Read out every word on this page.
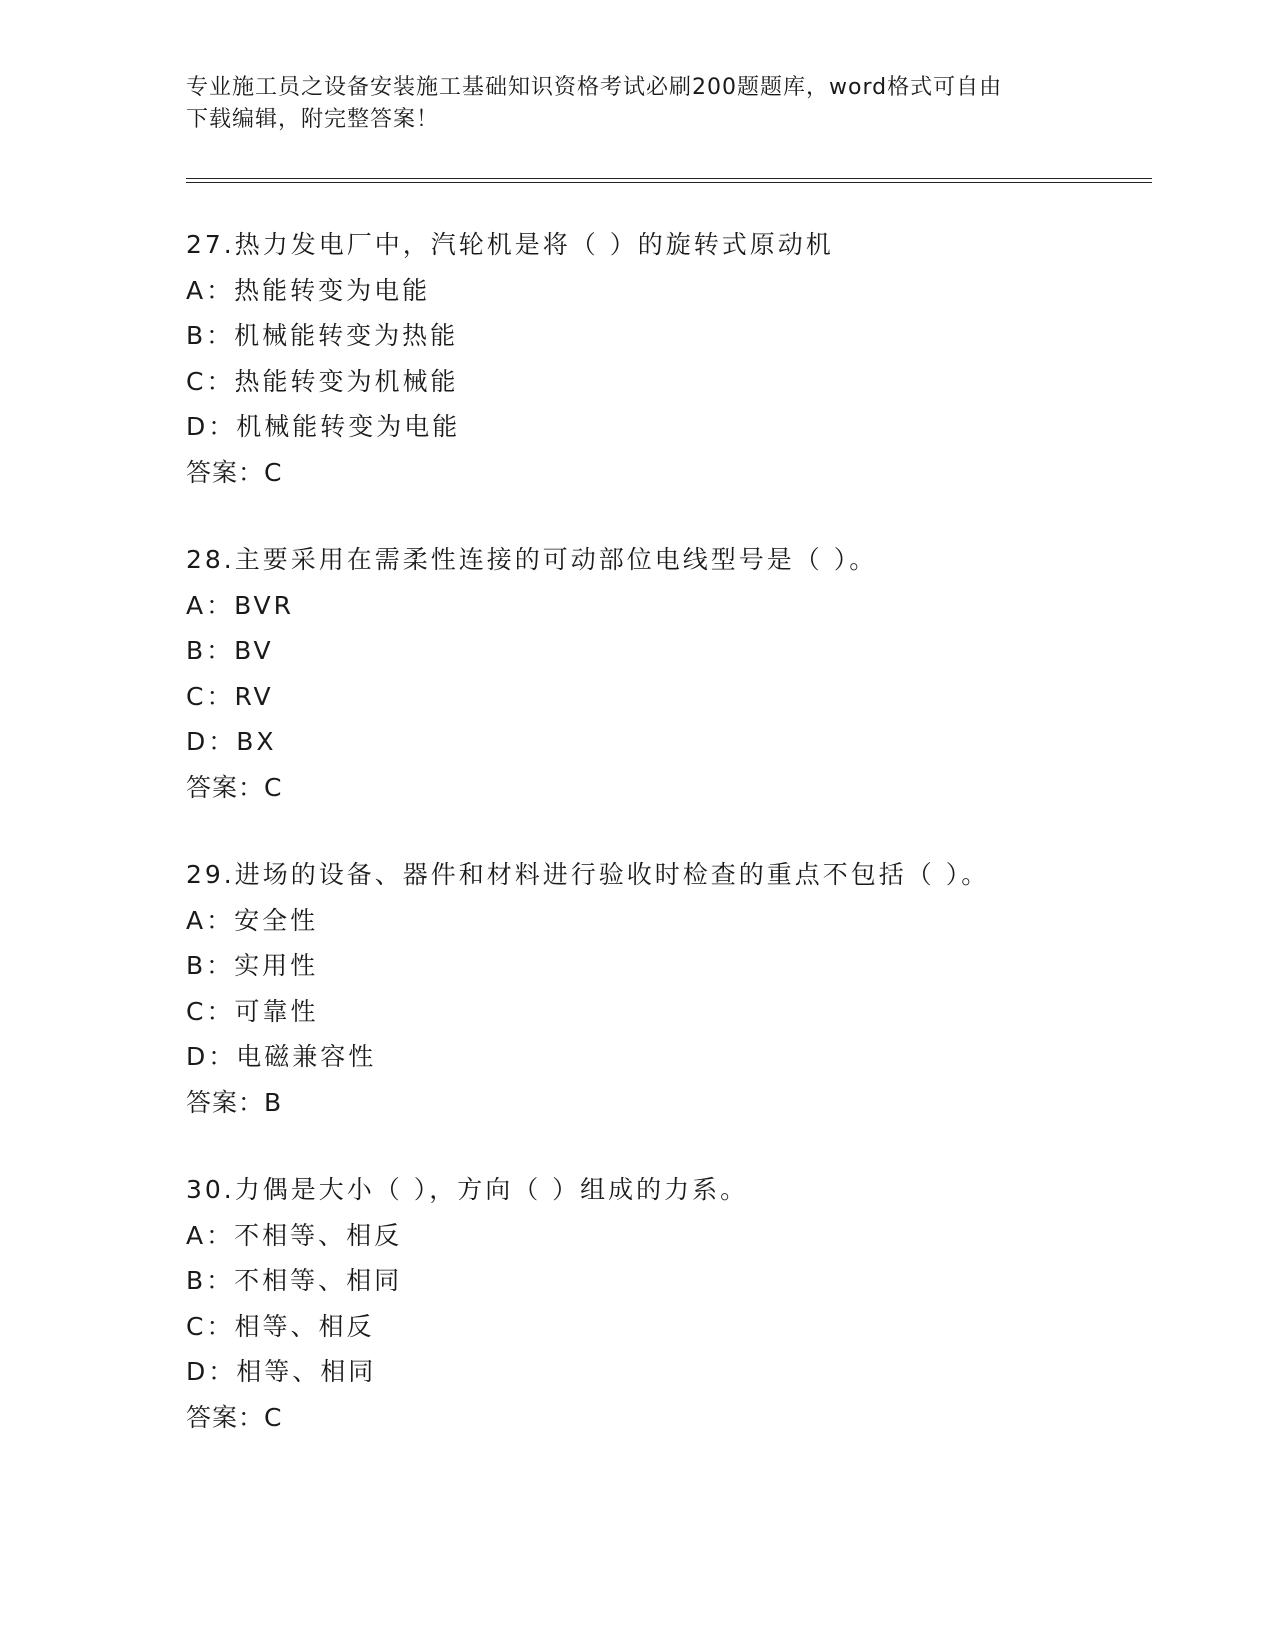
专业施工员之设备安装施工基础知识资格考试必刷200题题库，word格式可自由
下载编辑，附完整答案！
27.热力发电厂中，汽轮机是将（ ）的旋转式原动机
A：热能转变为电能
B：机械能转变为热能
C：热能转变为机械能
D：机械能转变为电能
答案：C
28.主要采用在需柔性连接的可动部位电线型号是（ ）。
A：BVR
B：BV
C：RV
D：BX
答案：C
29.进场的设备、器件和材料进行验收时检查的重点不包括（ ）。
A：安全性
B：实用性
C：可靠性
D：电磁兼容性
答案：B
30.力偶是大小（ ），方向（ ）组成的力系。
A：不相等、相反
B：不相等、相同
C：相等、相反
D：相等、相同
答案：C
